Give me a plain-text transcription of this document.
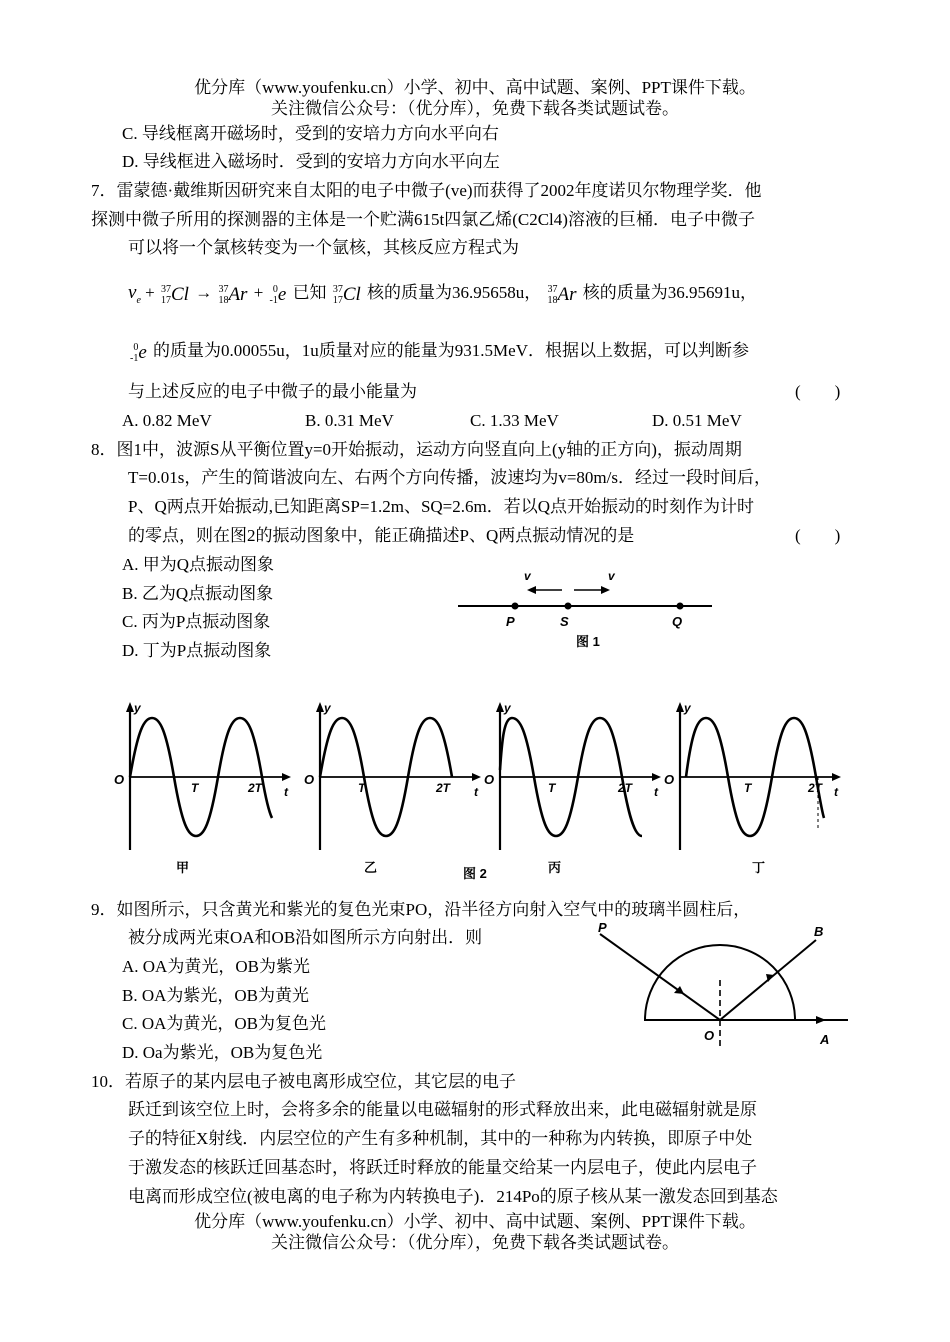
优分库（www.youfenku.cn）小学、初中、高中试题、案例、PPT课件下载。
关注微信公众号：（优分库），免费下载各类试题试卷。
C. 导线框离开磁场时，受到的安培力方向水平向右
D. 导线框进入磁场时．受到的安培力方向水平向左
7．雷蒙德·戴维斯因研究来自太阳的电子中微子(ve)而获得了2002年度诺贝尔物理学奖．他
探测中微子所用的探测器的主体是一个贮满615t四氯乙烯(C2Cl4)溶液的巨桶．电子中微子
可以将一个氯核转变为一个氩核，其核反应方程式为
$v_e + 37$
17 Cl → 37
18 Ar + 0
-1 e 已知 37
17 Cl 核的质量为36.95658u， 37
18 Ar 核的质量为36.95691u，
0
-1 e 的质量为0.00055u，1u质量对应的能量为931.5MeV．根据以上数据，可以判断参
与上述反应的电子中微子的最小能量为	(　　)
A. 0.82 MeV	B. 0.31 MeV	C. 1.33 MeV	D. 0.51 MeV
8．图1中，波源S从平衡位置y=0开始振动，运动方向竖直向上(y轴的正方向)，振动周期
T=0.01s，产生的简谐波向左、右两个方向传播，波速均为v=80m/s．经过一段时间后，
P、Q两点开始振动,已知距离SP=1.2m、SQ=2.6m．若以Q点开始振动的时刻作为计时
的零点，则在图2的振动图象中，能正确描述P、Q两点振动情况的是	(　　)
A. 甲为Q点振动图象
B. 乙为Q点振动图象
C. 丙为P点振动图象
D. 丁为P点振动图象
v	v
P	S	Q
图 1
O
y
t
T	2T
甲
O
y
t
T	2T
乙
O
y
t
T	2T
丙
O
y
t
T	2T
丁
图 2
9．如图所示，只含黄光和紫光的复色光束PO，沿半径方向射入空气中的玻璃半圆柱后，
被分成两光束OA和OB沿如图所示方向射出．则
A. OA为黄光，OB为紫光
B. OA为紫光，OB为黄光
C. OA为黄光，OB为复色光
D. Oa为紫光，OB为复色光
P	B
O	A
10．若原子的某内层电子被电离形成空位，其它层的电子
跃迁到该空位上时，会将多余的能量以电磁辐射的形式释放出来，此电磁辐射就是原
子的特征X射线．内层空位的产生有多种机制，其中的一种称为内转换，即原子中处
于激发态的核跃迁回基态时，将跃迁时释放的能量交给某一内层电子，使此内层电子
电离而形成空位(被电离的电子称为内转换电子)．214Po的原子核从某一激发态回到基态
优分库（www.youfenku.cn）小学、初中、高中试题、案例、PPT课件下载。
关注微信公众号：（优分库），免费下载各类试题试卷。
